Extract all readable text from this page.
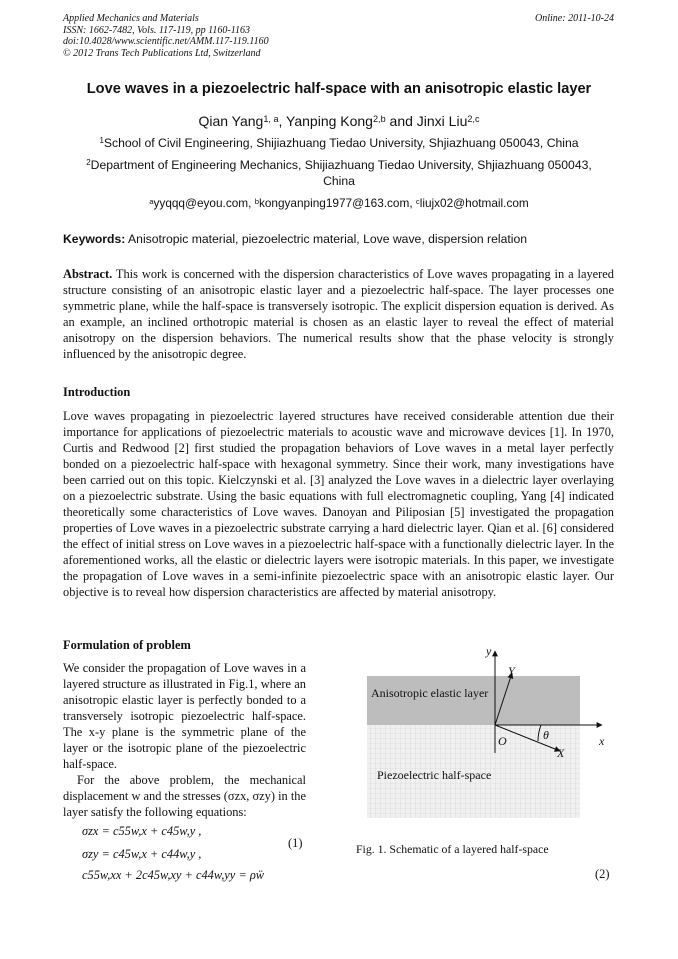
Applied Mechanics and Materials
ISSN: 1662-7482, Vols. 117-119, pp 1160-1163
doi:10.4028/www.scientific.net/AMM.117-119.1160
© 2012 Trans Tech Publications Ltd, Switzerland
Online: 2011-10-24
Love waves in a piezoelectric half-space with an anisotropic elastic layer
Qian Yang$^{1, a}$, Yanping Kong$^{2,b}$ and Jinxi Liu$^{2,c}$
$^1$School of Civil Engineering, Shijiazhuang Tiedao University, Shjiazhuang 050043, China
$^2$Department of Engineering Mechanics, Shijiazhuang Tiedao University, Shjiazhuang 050043, China
$^a$yyqqq@eyou.com, $^b$kongyanping1977@163.com, $^c$liujx02@hotmail.com
Keywords: Anisotropic material, piezoelectric material, Love wave, dispersion relation
Abstract. This work is concerned with the dispersion characteristics of Love waves propagating in a layered structure consisting of an anisotropic elastic layer and a piezoelectric half-space. The layer processes one symmetric plane, while the half-space is transversely isotropic. The explicit dispersion equation is derived. As an example, an inclined orthotropic material is chosen as an elastic layer to reveal the effect of material anisotropy on the dispersion behaviors. The numerical results show that the phase velocity is strongly influenced by the anisotropic degree.
Introduction
Love waves propagating in piezoelectric layered structures have received considerable attention due their importance for applications of piezoelectric materials to acoustic wave and microwave devices [1]. In 1970, Curtis and Redwood [2] first studied the propagation behaviors of Love waves in a metal layer perfectly bonded on a piezoelectric half-space with hexagonal symmetry. Since their work, many investigations have been carried out on this topic. Kielczynski et al. [3] analyzed the Love waves in a dielectric layer overlaying on a piezoelectric substrate. Using the basic equations with full electromagnetic coupling, Yang [4] indicated theoretically some characteristics of Love waves. Danoyan and Piliposian [5] investigated the propagation properties of Love waves in a piezoelectric substrate carrying a hard dielectric layer. Qian et al. [6] considered the effect of initial stress on Love waves in a piezoelectric half-space with a functionally dielectric layer. In the aforementioned works, all the elastic or dielectric layers were isotropic materials. In this paper, we investigate the propagation of Love waves in a semi-infinite piezoelectric space with an anisotropic elastic layer. Our objective is to reveal how dispersion characteristics are affected by material anisotropy.
Formulation of problem
We consider the propagation of Love waves in a layered structure as illustrated in Fig.1, where an anisotropic elastic layer is perfectly bonded to a transversely isotropic piezoelectric half-space. The x-y plane is the symmetric plane of the layer or the isotropic plane of the piezoelectric half-space.
For the above problem, the mechanical displacement w and the stresses (σzx, σzy) in the layer satisfy the following equations:
σzx = c55w,x + c45w,y ,
σzy = c45w,x + c44w,y ,
(1)
c55w,xx + 2c45w,xy + c44w,yy = ρẅ	(2)
Anisotropic elastic layer
Piezoelectric half-space
y
Y
x
X
O	θ
Fig. 1. Schematic of a layered half-space
